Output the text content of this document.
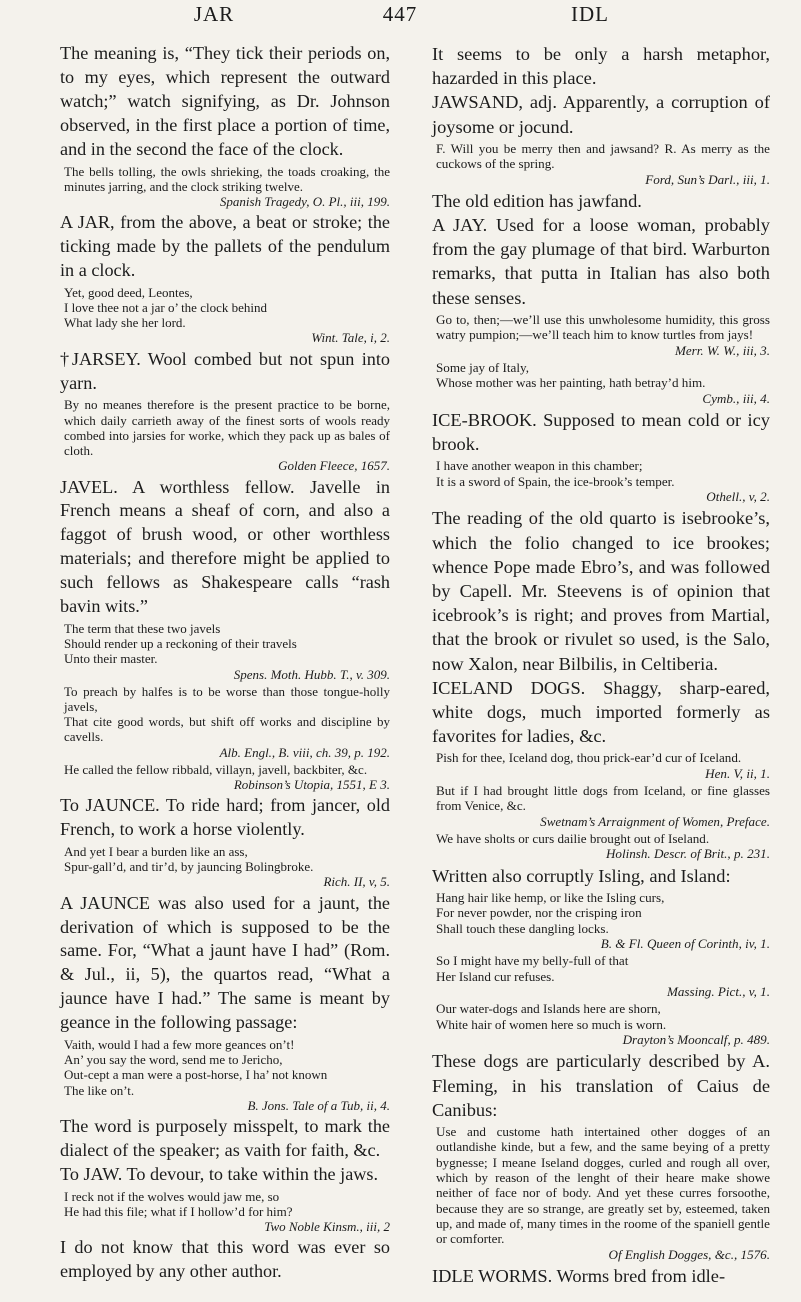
JAR	447	IDL

The meaning is, “They tick their periods on, to my eyes, which represent the outward watch;” watch signifying, as Dr. Johnson observed, in the first place a portion of time, and in the second the face of the clock.

The bells tolling, the owls shrieking, the toads croaking, the minutes jarring, and the clock striking twelve.
Spanish Tragedy, O. Pl., iii, 199.

A JAR, from the above, a beat or stroke; the ticking made by the pallets of the pendulum in a clock.

Yet, good deed, Leontes,
I love thee not a jar o’ the clock behind
What lady she her lord.
Wint. Tale, i, 2.

†JARSEY. Wool combed but not spun into yarn.

By no meanes therefore is the present practice to be borne, which daily carrieth away of the finest sorts of wools ready combed into jarsies for worke, which they pack up as bales of cloth.
Golden Fleece, 1657.

JAVEL. A worthless fellow. Javelle in French means a sheaf of corn, and also a faggot of brush wood, or other worthless materials; and therefore might be applied to such fellows as Shakespeare calls “rash bavin wits.”

The term that these two javels
Should render up a reckoning of their travels
Unto their master.
Spens. Moth. Hubb. T., v. 309.

To preach by halfes is to be worse than those tongue-holly javels,
That cite good words, but shift off works and discipline by cavells.
Alb. Engl., B. viii, ch. 39, p. 192.

He called the fellow ribbald, villayn, javell, backbiter, &c.
Robinson’s Utopia, 1551, E 3.

To JAUNCE. To ride hard; from jancer, old French, to work a horse violently.

And yet I bear a burden like an ass,
Spur-gall’d, and tir’d, by jauncing Bolingbroke.
Rich. II, v, 5.

A JAUNCE was also used for a jaunt, the derivation of which is supposed to be the same. For, “What a jaunt have I had” (Rom. & Jul., ii, 5), the quartos read, “What a jaunce have I had.” The same is meant by geance in the following passage:

Vaith, would I had a few more geances on’t!
An’ you say the word, send me to Jericho,
Out-cept a man were a post-horse, I ha’ not known
The like on’t.
B. Jons. Tale of a Tub, ii, 4.

The word is purposely misspelt, to mark the dialect of the speaker; as vaith for faith, &c.

To JAW. To devour, to take within the jaws.

I reck not if the wolves would jaw me, so
He had this file; what if I hollow’d for him?
Two Noble Kinsm., iii, 2

I do not know that this word was ever so employed by any other author.

It seems to be only a harsh metaphor, hazarded in this place.

JAWSAND, adj. Apparently, a corruption of joysome or jocund.

F. Will you be merry then and jawsand? R. As merry as the cuckows of the spring.
Ford, Sun’s Darl., iii, 1.

The old edition has jawfand.

A JAY. Used for a loose woman, probably from the gay plumage of that bird. Warburton remarks, that putta in Italian has also both these senses.

Go to, then;—we’ll use this unwholesome humidity, this gross watry pumpion;—we’ll teach him to know turtles from jays!
Merr. W. W., iii, 3.

Some jay of Italy,
Whose mother was her painting, hath betray’d him.
Cymb., iii, 4.

ICE-BROOK. Supposed to mean cold or icy brook.

I have another weapon in this chamber;
It is a sword of Spain, the ice-brook’s temper.
Othell., v, 2.

The reading of the old quarto is isebrooke’s, which the folio changed to ice brookes; whence Pope made Ebro’s, and was followed by Capell. Mr. Steevens is of opinion that icebrook’s is right; and proves from Martial, that the brook or rivulet so used, is the Salo, now Xalon, near Bilbilis, in Celtiberia.

ICELAND DOGS. Shaggy, sharp-eared, white dogs, much imported formerly as favorites for ladies, &c.

Pish for thee, Iceland dog, thou prick-ear’d cur of Iceland.
Hen. V, ii, 1.

But if I had brought little dogs from Iceland, or fine glasses from Venice, &c.
Swetnam’s Arraignment of Women, Preface.

We have sholts or curs dailie brought out of Iseland.
Holinsh. Descr. of Brit., p. 231.

Written also corruptly Isling, and Island:

Hang hair like hemp, or like the Isling curs,
For never powder, nor the crisping iron
Shall touch these dangling locks.
B. & Fl. Queen of Corinth, iv, 1.

So I might have my belly-full of that
Her Island cur refuses.
Massing. Pict., v, 1.

Our water-dogs and Islands here are shorn,
White hair of women here so much is worn.
Drayton’s Mooncalf, p. 489.

These dogs are particularly described by A. Fleming, in his translation of Caius de Canibus:

Use and custome hath intertained other dogges of an outlandishe kinde, but a few, and the same beying of a pretty bygnesse; I meane Iseland dogges, curled and rough all over, which by reason of the lenght of their heare make showe neither of face nor of body. And yet these curres forsoothe, because they are so strange, are greatly set by, esteemed, taken up, and made of, many times in the roome of the spaniell gentle or comforter.
Of English Dogges, &c., 1576.

IDLE WORMS. Worms bred from idle-
